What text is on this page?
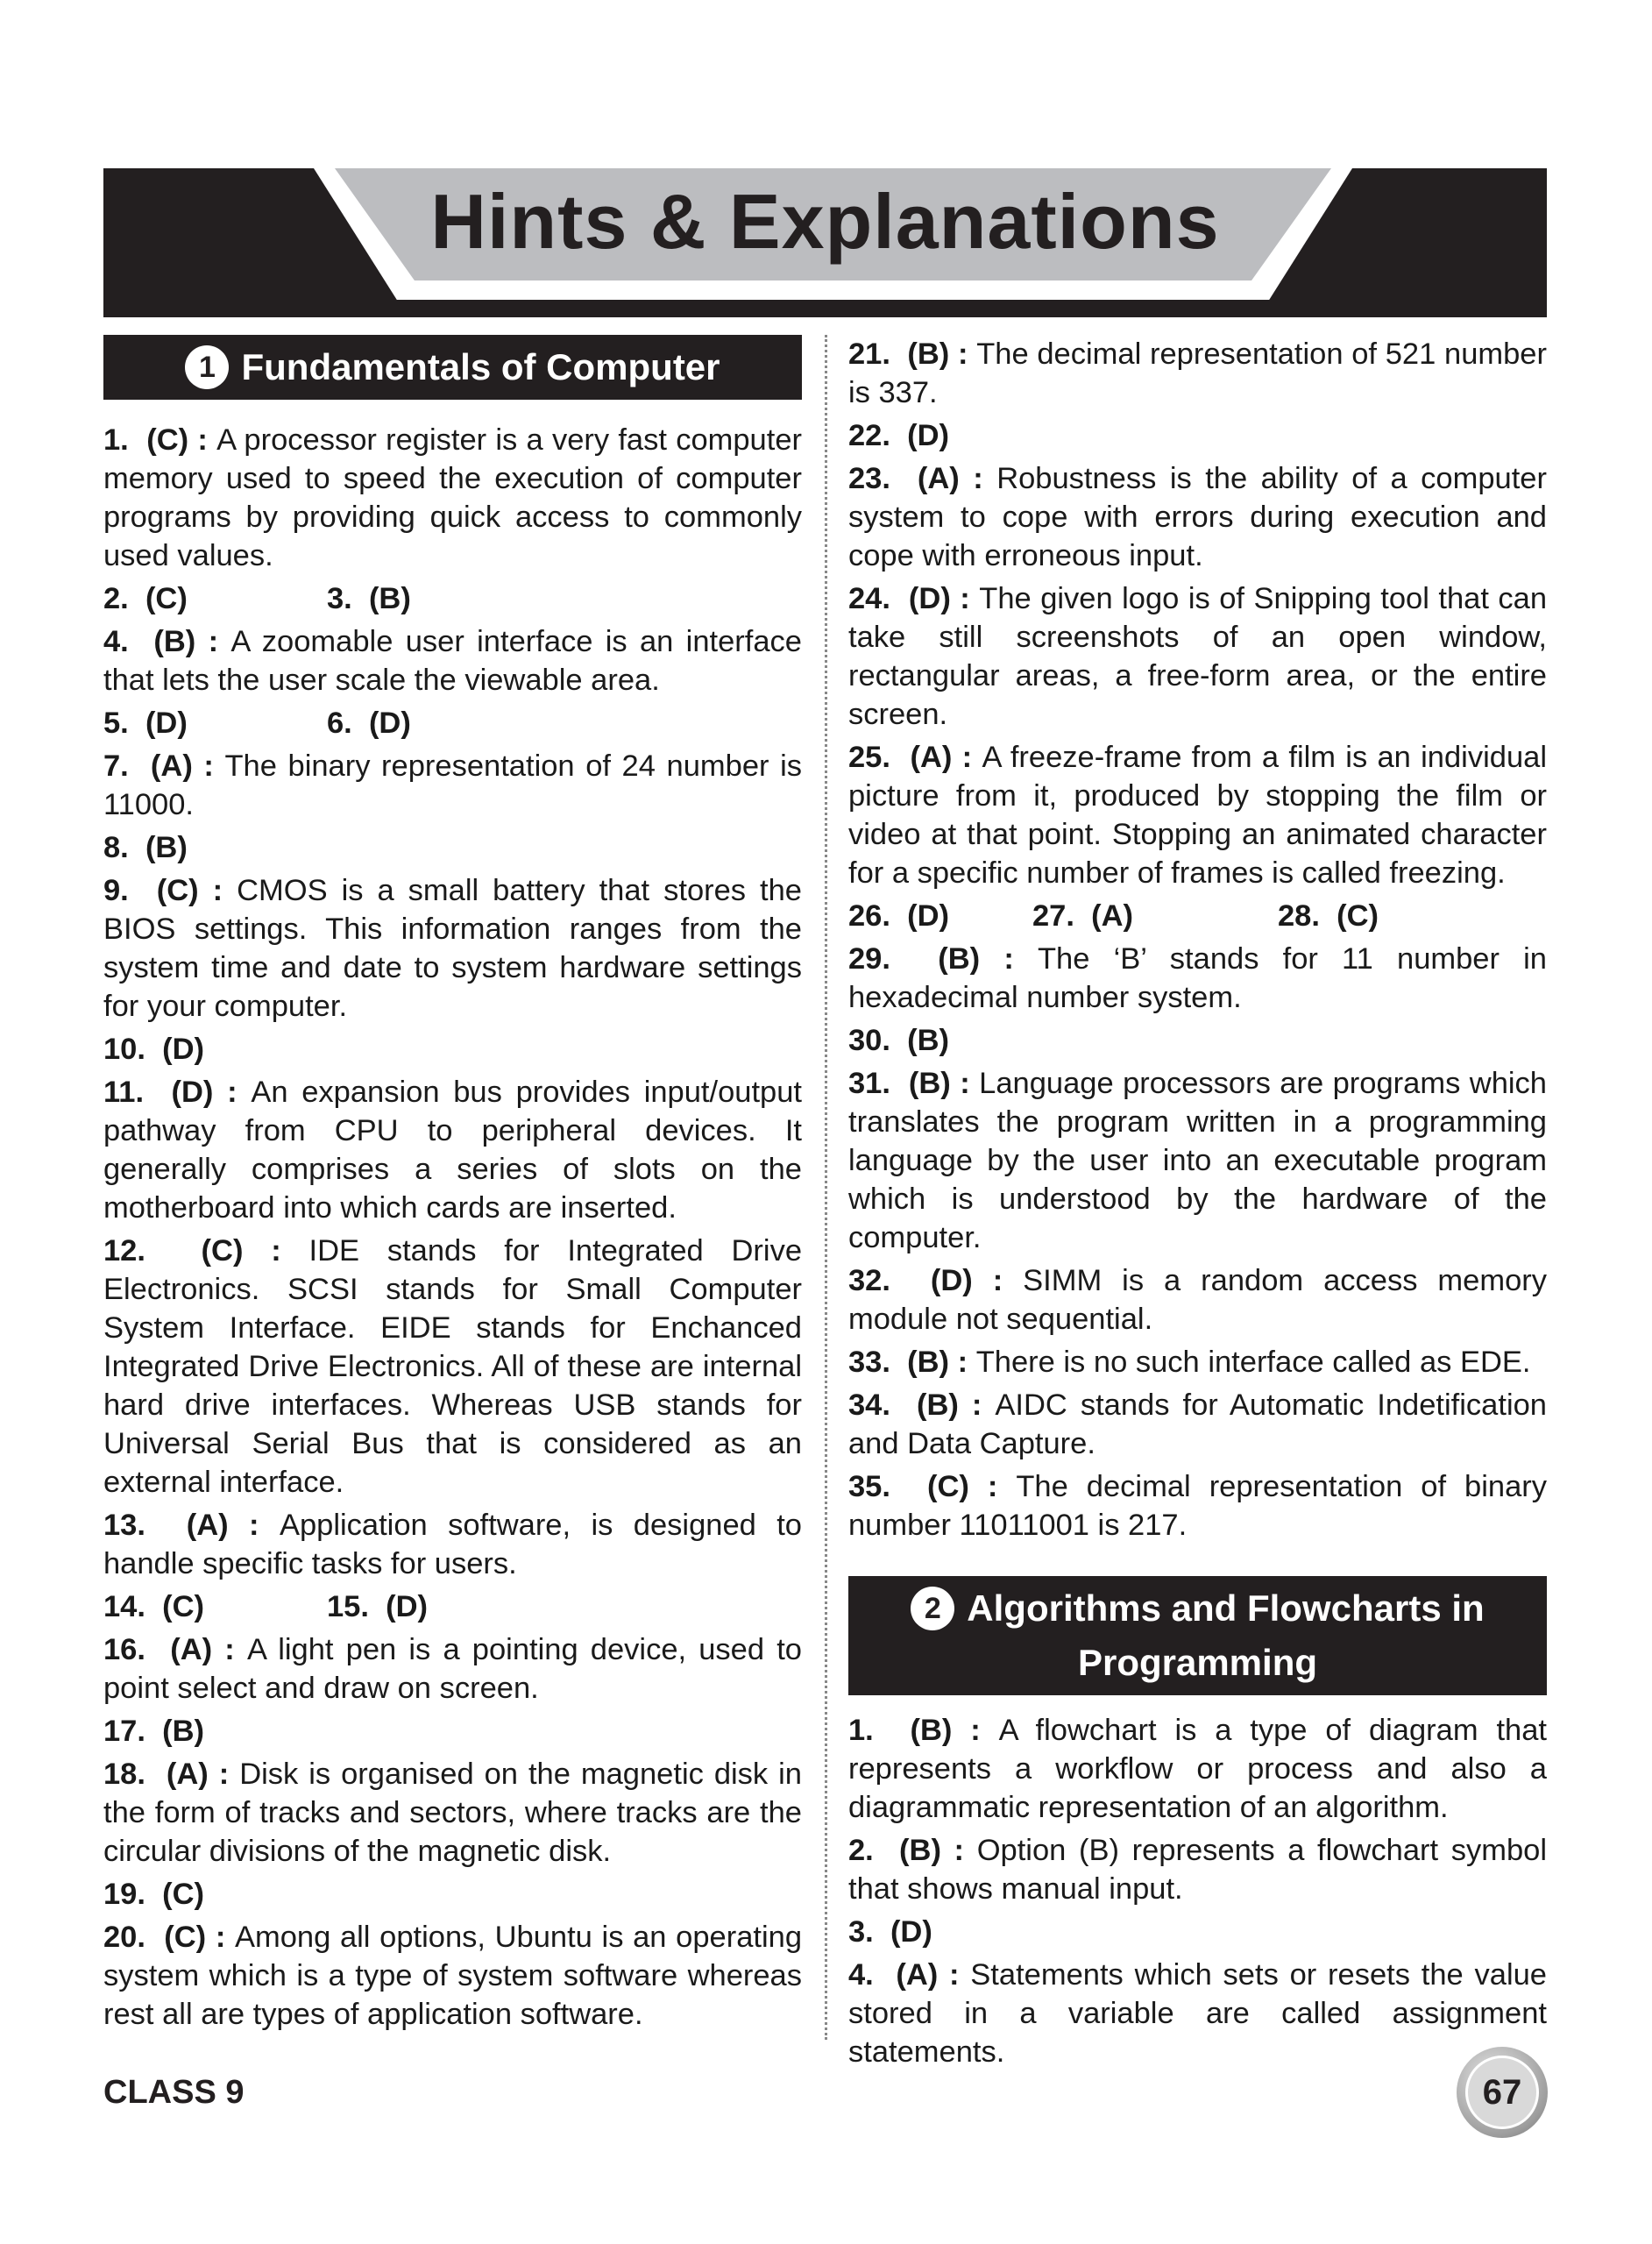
Hints & Explanations
1 Fundamentals of Computer

1.  (C) : A processor register is a very fast computer memory used to speed the execution of computer programs by providing quick access to commonly used values.

2.  (C)	3.  (B)

4.  (B) : A zoomable user interface is an interface that lets the user scale the viewable area.

5.  (D)	6.  (D)

7.  (A) : The binary representation of 24 number is 11000.

8.  (B)

9.  (C) : CMOS is a small battery that stores the BIOS settings. This information ranges from the system time and date to system hardware settings for your computer.

10.  (D)

11.  (D) : An expansion bus provides input/output pathway from CPU to peripheral devices. It generally comprises a series of slots on the motherboard into which cards are inserted.

12.  (C) : IDE stands for Integrated Drive Electronics. SCSI stands for Small Computer System Interface. EIDE stands for Enchanced Integrated Drive Electronics. All of these are internal hard drive interfaces. Whereas USB stands for Universal Serial Bus that is considered as an external interface.

13.  (A) : Application software, is designed to handle specific tasks for users.

14.  (C)	15.  (D)

16.  (A) : A light pen is a pointing device, used to point select and draw on screen.

17.  (B)

18.  (A) : Disk is organised on the magnetic disk in the form of tracks and sectors, where tracks are the circular divisions of the magnetic disk.

19.  (C)

20.  (C) : Among all options, Ubuntu is an operating system which is a type of system software whereas rest all are types of application software.

21.  (B) : The decimal representation of 521 number is 337.

22.  (D)

23.  (A) : Robustness is the ability of a computer system to cope with errors during execution and cope with erroneous input.

24.  (D) : The given logo is of Snipping tool that can take still screenshots of an open window, rectangular areas, a free-form area, or the entire screen.

25.  (A) : A freeze-frame from a film is an individual picture from it, produced by stopping the film or video at that point. Stopping an animated character for a specific number of frames is called freezing.

26.  (D)	27.  (A)	28.  (C)

29.  (B) : The ‘B’ stands for 11 number in hexadecimal number system.

30.  (B)

31.  (B) : Language processors are programs which translates the program written in a programming language by the user into an executable program which is understood by the hardware of the computer.

32.  (D) : SIMM is a random access memory module not sequential.

33.  (B) : There is no such interface called as EDE.

34.  (B) : AIDC stands for Automatic Indetification and Data Capture.

35.  (C) : The decimal representation of binary number 11011001 is 217.

2 Algorithms and Flowcharts in
Programming

1.  (B) : A flowchart is a type of diagram that represents a workflow or process and also a diagrammatic representation of an algorithm.

2.  (B) : Option (B) represents a flowchart symbol that shows manual input.

3.  (D)

4.  (A) : Statements which sets or resets the value stored in a variable are called assignment statements.

CLASS 9	67
